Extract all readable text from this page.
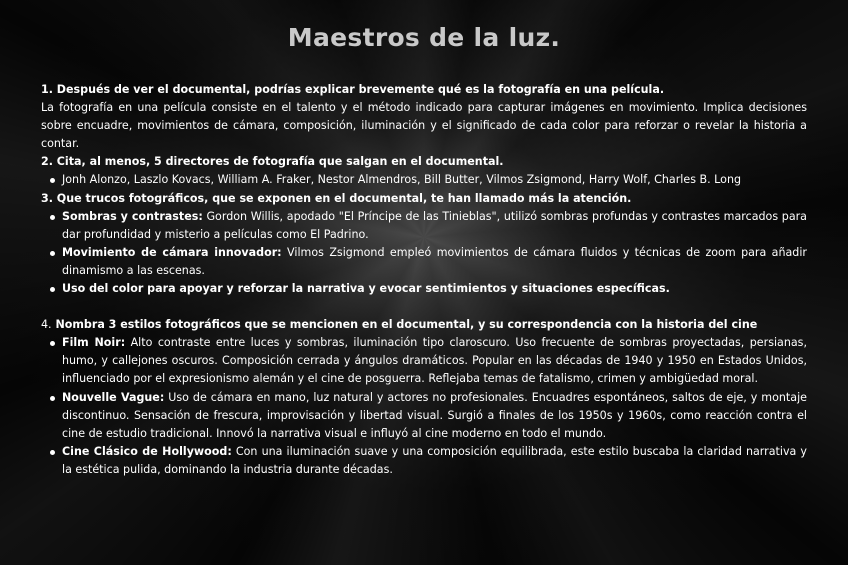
Maestros de la luz.

1. Después de ver el documental, podrías explicar brevemente qué es la fotografía en una película.

La fotografía en una película consiste en el talento y el método indicado para capturar imágenes en movimiento. Implica decisiones sobre encuadre, movimientos de cámara, composición, iluminación y el significado de cada color para reforzar o revelar la historia a contar.

2. Cita, al menos, 5 directores de fotografía que salgan en el documental.

Jonh Alonzo, Laszlo Kovacs, William A. Fraker, Nestor Almendros, Bill Butter, Vilmos Zsigmond, Harry Wolf, Charles B. Long

3. Que trucos fotográficos, que se exponen en el documental, te han llamado más la atención.

Sombras y contrastes: Gordon Willis, apodado "El Príncipe de las Tinieblas", utilizó sombras profundas y contrastes marcados para dar profundidad y misterio a películas como El Padrino.
Movimiento de cámara innovador: Vilmos Zsigmond empleó movimientos de cámara fluidos y técnicas de zoom para añadir dinamismo a las escenas.
Uso del color para apoyar y reforzar la narrativa y evocar sentimientos y situaciones específicas.

4. Nombra 3 estilos fotográficos que se mencionen en el documental, y su correspondencia con la historia del cine

Film Noir: Alto contraste entre luces y sombras, iluminación tipo claroscuro. Uso frecuente de sombras proyectadas, persianas, humo, y callejones oscuros. Composición cerrada y ángulos dramáticos. Popular en las décadas de 1940 y 1950 en Estados Unidos, influenciado por el expresionismo alemán y el cine de posguerra. Reflejaba temas de fatalismo, crimen y ambigüedad moral.
Nouvelle Vague: Uso de cámara en mano, luz natural y actores no profesionales. Encuadres espontáneos, saltos de eje, y montaje discontinuo. Sensación de frescura, improvisación y libertad visual. Surgió a finales de los 1950s y 1960s, como reacción contra el cine de estudio tradicional. Innovó la narrativa visual e influyó al cine moderno en todo el mundo.
Cine Clásico de Hollywood: Con una iluminación suave y una composición equilibrada, este estilo buscaba la claridad narrativa y la estética pulida, dominando la industria durante décadas.
